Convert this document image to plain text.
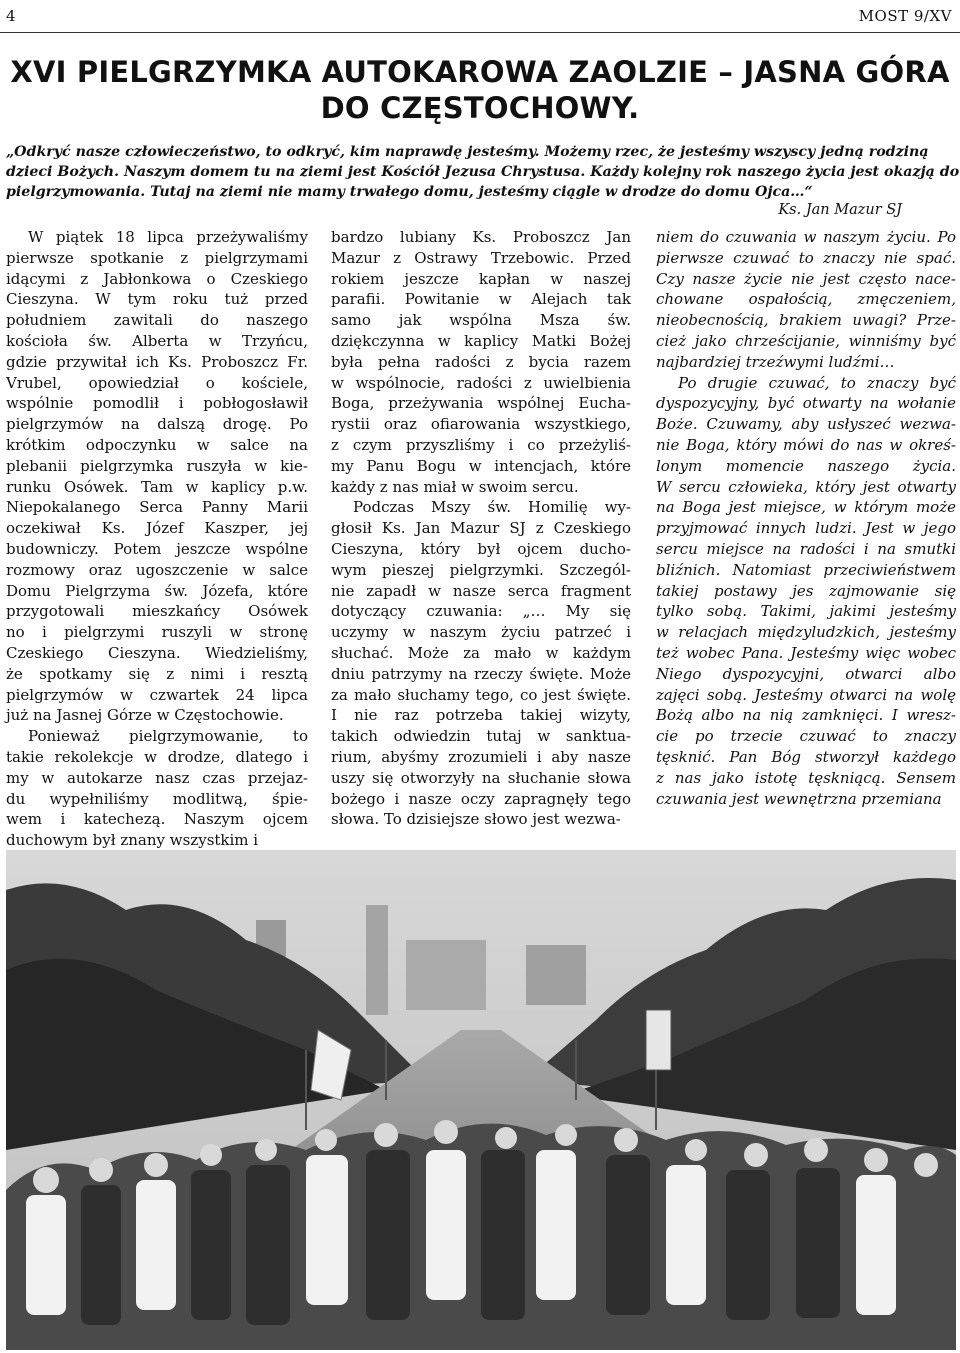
4	MOST 9/XV
XVI PIELGRZYMKA AUTOKAROWA ZAOLZIE – JASNA GÓRA
DO CZĘSTOCHOWY.
„Odkryć nasze człowieczeństwo, to odkryć, kim naprawdę jesteśmy. Możemy rzec, że jesteśmy wszyscy jedną rodziną
dzieci Bożych. Naszym domem tu na ziemi jest Kościół Jezusa Chrystusa. Każdy kolejny rok naszego życia jest okazją do
pielgrzymowania. Tutaj na ziemi nie mamy trwałego domu, jesteśmy ciągle w drodze do domu Ojca…“
Ks. Jan Mazur SJ
W piątek 18 lipca przeżywaliśmy
pierwsze spotkanie z pielgrzymami
idącymi z Jabłonkowa o Czeskiego
Cieszyna. W tym roku tuż przed
południem zawitali do naszego
kościoła św. Alberta w Trzyńcu,
gdzie przywitał ich Ks. Proboszcz Fr.
Vrubel, opowiedział o kościele,
wspólnie pomodlił i pobłogosławił
pielgrzymów na dalszą drogę. Po
krótkim odpoczynku w salce na
plebanii pielgrzymka ruszyła w kie-
runku Osówek. Tam w kaplicy p.w.
Niepokalanego Serca Panny Marii
oczekiwał Ks. Józef Kaszper, jej
budowniczy. Potem jeszcze wspólne
rozmowy oraz ugoszczenie w salce
Domu Pielgrzyma św. Józefa, które
przygotowali mieszkańcy Osówek
no i pielgrzymi ruszyli w stronę
Czeskiego Cieszyna. Wiedzieliśmy,
że spotkamy się z nimi i resztą
pielgrzymów w czwartek 24 lipca
już na Jasnej Górze w Częstochowie.
Ponieważ pielgrzymowanie, to
takie rekolekcje w drodze, dlatego i
my w autokarze nasz czas przejaz-
du wypełniliśmy modlitwą, śpie-
wem i katechezą. Naszym ojcem
duchowym był znany wszystkim i
bardzo lubiany Ks. Proboszcz Jan
Mazur z Ostrawy Trzebowic. Przed
rokiem jeszcze kapłan w naszej
parafii. Powitanie w Alejach tak
samo jak wspólna Msza św.
dziękczynna w kaplicy Matki Bożej
była pełna radości z bycia razem
w wspólnocie, radości z uwielbienia
Boga, przeżywania wspólnej Eucha-
rystii oraz ofiarowania wszystkiego,
z czym przyszliśmy i co przeżyliś-
my Panu Bogu w intencjach, które
każdy z nas miał w swoim sercu.
Podczas Mszy św. Homilię wy-
głosił Ks. Jan Mazur SJ z Czeskiego
Cieszyna, który był ojcem ducho-
wym pieszej pielgrzymki. Szczegól-
nie zapadł w nasze serca fragment
dotyczący czuwania: „… My się
uczymy w naszym życiu patrzeć i
słuchać. Może za mało w każdym
dniu patrzymy na rzeczy święte. Może
za mało słuchamy tego, co jest święte.
I nie raz potrzeba takiej wizyty,
takich odwiedzin tutaj w sanktua-
rium, abyśmy zrozumieli i aby nasze
uszy się otworzyły na słuchanie słowa
bożego i nasze oczy zapragnęły tego
słowa. To dzisiejsze słowo jest wezwa-
niem do czuwania w naszym życiu. Po
pierwsze czuwać to znaczy nie spać.
Czy nasze życie nie jest często nace-
chowane ospałością, zmęczeniem,
nieobecnością, brakiem uwagi? Prze-
cież jako chrześcijanie, winniśmy być
najbardziej trzeźwymi ludźmi…
Po drugie czuwać, to znaczy być
dyspozycyjny, być otwarty na wołanie
Boże. Czuwamy, aby usłyszeć wezwa-
nie Boga, który mówi do nas w okreś-
lonym momencie naszego życia.
W sercu człowieka, który jest otwarty
na Boga jest miejsce, w którym może
przyjmować innych ludzi. Jest w jego
sercu miejsce na radości i na smutki
bliźnich. Natomiast przeciwieństwem
takiej postawy jes zajmowanie się
tylko sobą. Takimi, jakimi jesteśmy
w relacjach międzyludzkich, jesteśmy
też wobec Pana. Jesteśmy więc wobec
Niego dyspozycyjni, otwarci albo
zajęci sobą. Jesteśmy otwarci na wolę
Bożą albo na nią zamknięci. I wresz-
cie po trzecie czuwać to znaczy
tęsknić. Pan Bóg stworzył każdego
z nas jako istotę tęskniącą. Sensem
czuwania jest wewnętrzna przemiana
